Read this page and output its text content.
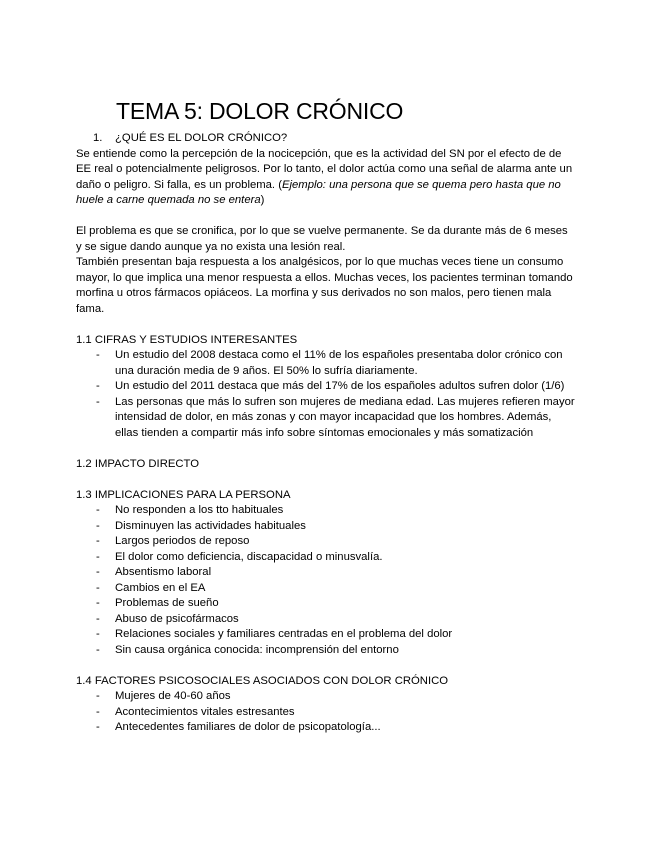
TEMA 5: DOLOR CRÓNICO

1. ¿QUÉ ES EL DOLOR CRÓNICO?

Se entiende como la percepción de la nocicepción, que es la actividad del SN por el efecto de de EE real o potencialmente peligrosos. Por lo tanto, el dolor actúa como una señal de alarma ante un daño o peligro. Si falla, es un problema. (Ejemplo: una persona que se quema pero hasta que no huele a carne quemada no se entera)

El problema es que se cronifica, por lo que se vuelve permanente. Se da durante más de 6 meses y se sigue dando aunque ya no exista una lesión real.

También presentan baja respuesta a los analgésicos, por lo que muchas veces tiene un consumo mayor, lo que implica una menor respuesta a ellos. Muchas veces, los pacientes terminan tomando morfina u otros fármacos opiáceos. La morfina y sus derivados no son malos, pero tienen mala fama.

1.1 CIFRAS Y ESTUDIOS INTERESANTES

- Un estudio del 2008 destaca como el 11% de los españoles presentaba dolor crónico con una duración media de 9 años. El 50% lo sufría diariamente.
- Un estudio del 2011 destaca que más del 17% de los españoles adultos sufren dolor (1/6)
- Las personas que más lo sufren son mujeres de mediana edad. Las mujeres refieren mayor intensidad de dolor, en más zonas y con mayor incapacidad que los hombres. Además, ellas tienden a compartir más info sobre síntomas emocionales y más somatización

1.2 IMPACTO DIRECTO

1.3 IMPLICACIONES PARA LA PERSONA

- No responden a los tto habituales
- Disminuyen las actividades habituales
- Largos periodos de reposo
- El dolor como deficiencia, discapacidad o minusvalía.
- Absentismo laboral
- Cambios en el EA
- Problemas de sueño
- Abuso de psicofármacos
- Relaciones sociales y familiares centradas en el problema del dolor
- Sin causa orgánica conocida: incomprensión del entorno

1.4 FACTORES PSICOSOCIALES ASOCIADOS CON DOLOR CRÓNICO

- Mujeres de 40-60 años
- Acontecimientos vitales estresantes
- Antecedentes familiares de dolor de psicopatología...
